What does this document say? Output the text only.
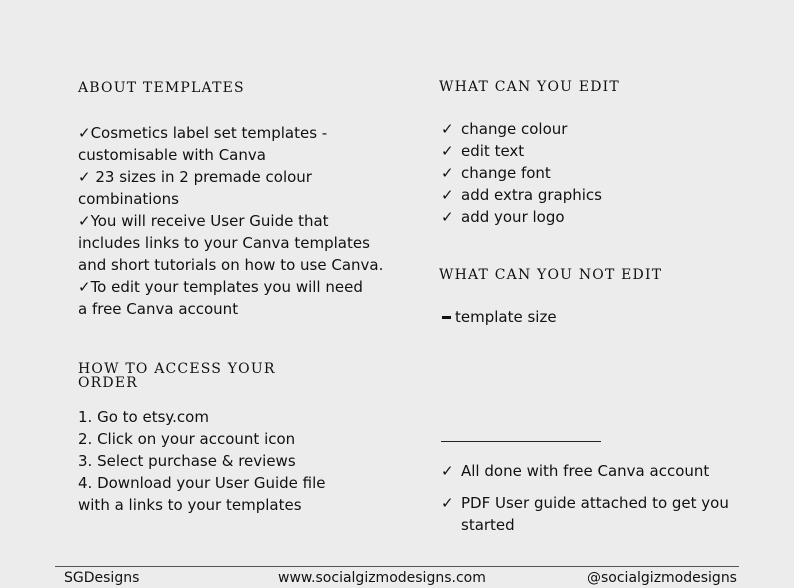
ABOUT TEMPLATES
✓Cosmetics label set templates -
customisable with Canva
✓ 23 sizes in 2 premade colour
combinations
✓You will receive User Guide that
includes links to your Canva templates
and short tutorials on how to use Canva.
✓To edit your templates you will need
a free Canva account
HOW TO ACCESS YOUR
ORDER
1. Go to etsy.com
2. Click on your account icon
3. Select purchase & reviews
4. Download your User Guide file
with a links to your templates
WHAT CAN YOU EDIT
✓ change colour
✓ edit text
✓ change font
✓ add extra graphics
✓ add your logo
WHAT CAN YOU NOT EDIT
template size
✓ All done with free Canva account
✓ PDF User guide attached to get you
started
SGDesigns	www.socialgizmodesigns.com	@socialgizmodesigns
